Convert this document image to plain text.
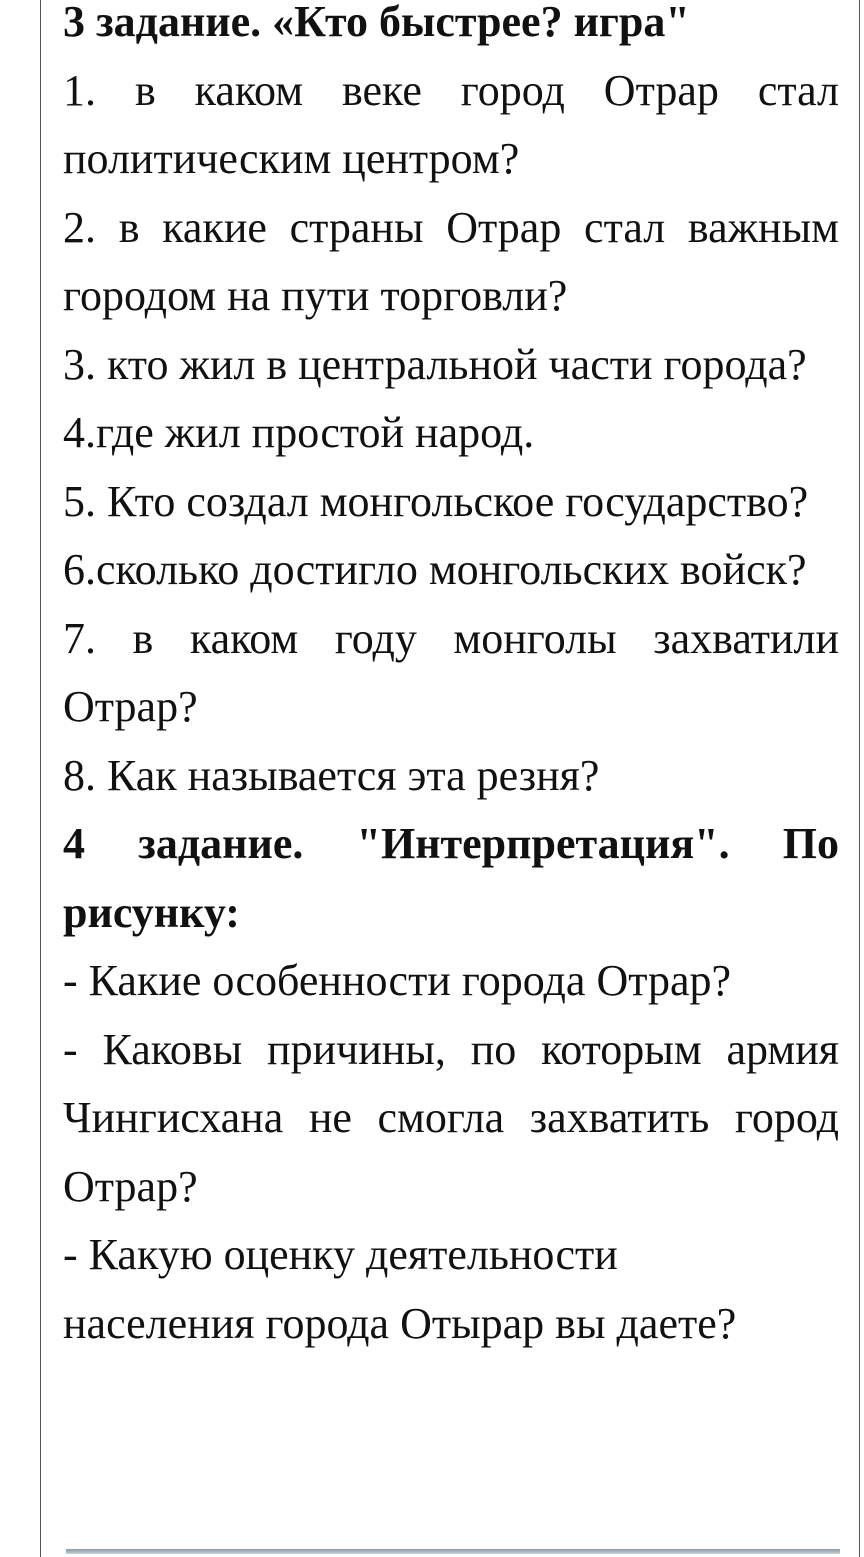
3 задание. «Кто быстрее? игра"

1. в каком веке город Отрар стал политическим центром?

2. в какие страны Отрар стал важным городом на пути торговли?

3. кто жил в центральной части города?

4.где жил простой народ.

5. Кто создал монгольское государство?

6.сколько достигло монгольских войск?

7. в каком году монголы захватили Отрар?

8. Как называется эта резня?

4 задание. "Интерпретация". По рисунку:

- Какие особенности города Отрар?

- Каковы причины, по которым армия Чингисхана не смогла захватить город Отрар?

- Какую оценку деятельности

населения города Отырар вы даете?
